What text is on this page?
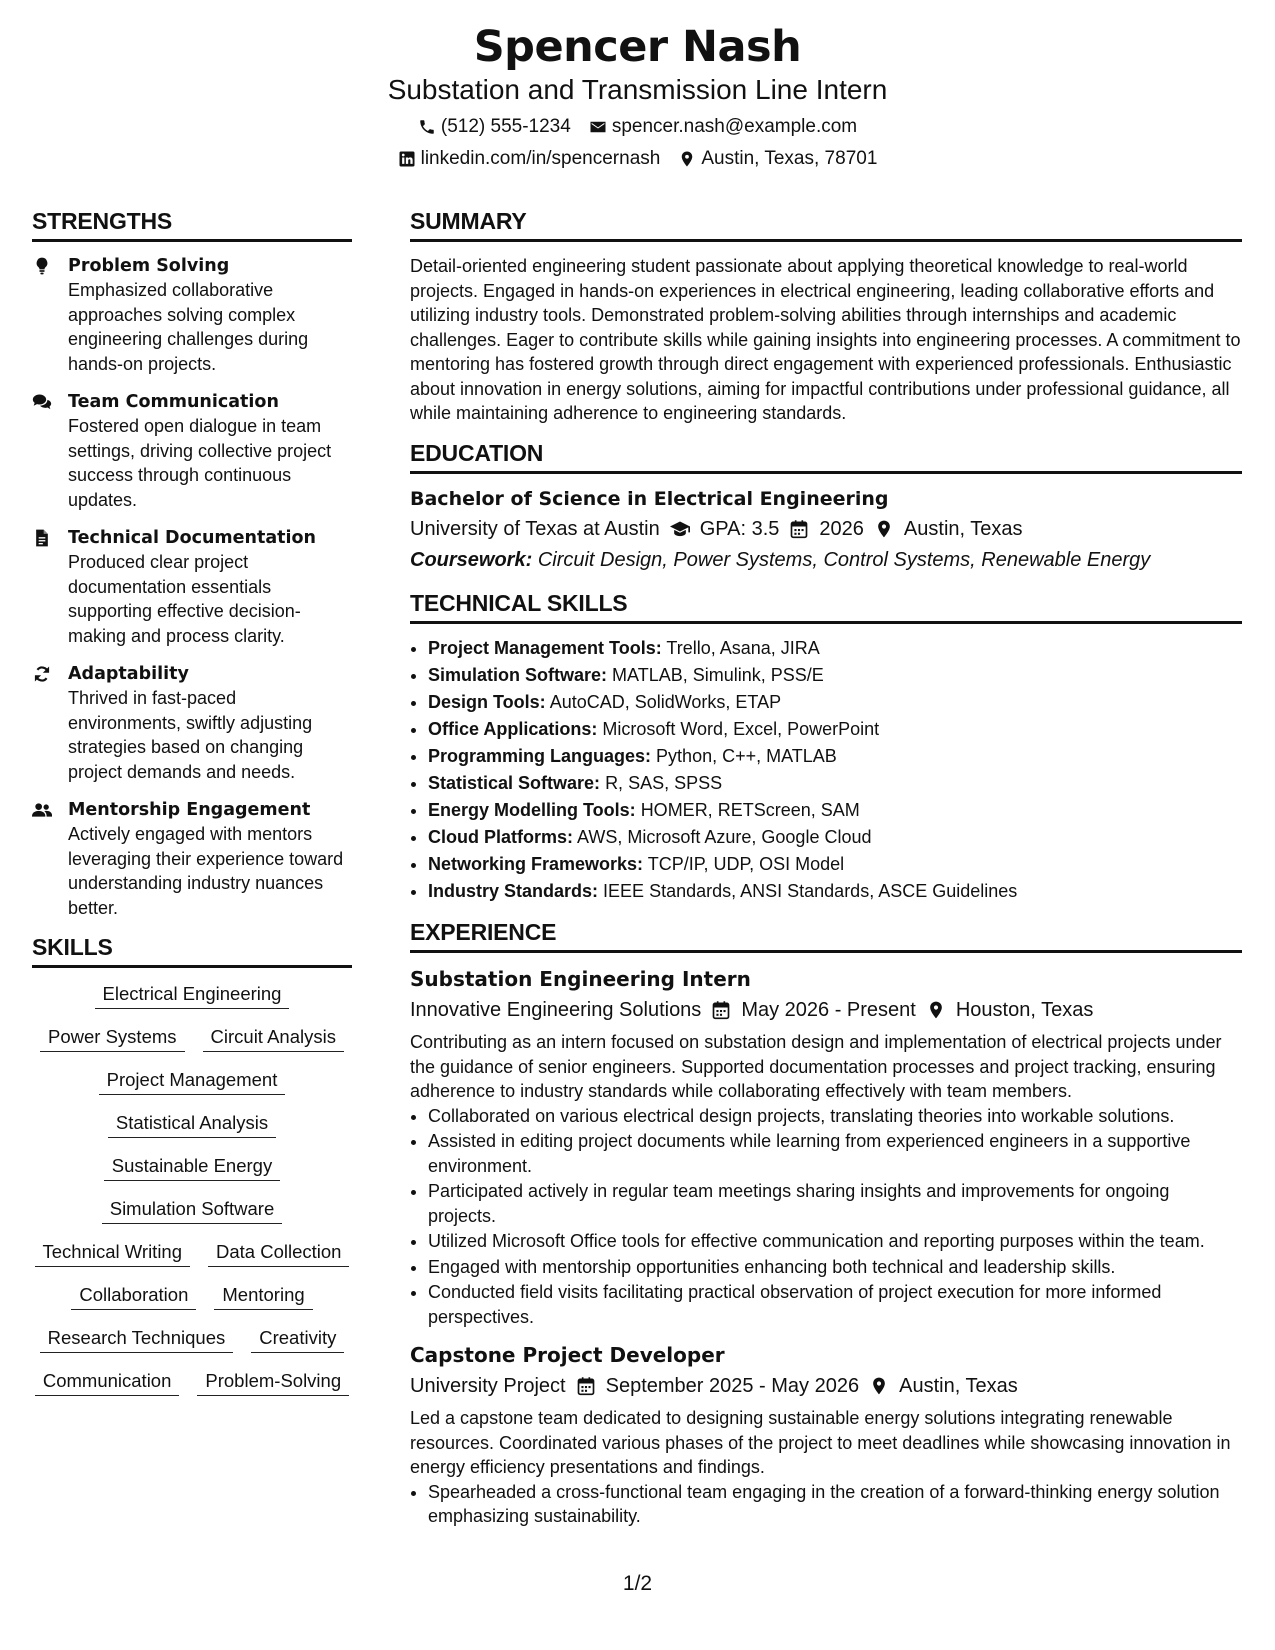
Spencer Nash
Substation and Transmission Line Intern
(512) 555-1234 spencer.nash@example.com
linkedin.com/in/spencernash Austin, Texas, 78701
STRENGTHS
Problem Solving
Emphasized collaborative approaches solving complex engineering challenges during hands-on projects.
Team Communication
Fostered open dialogue in team settings, driving collective project success through continuous updates.
Technical Documentation
Produced clear project documentation essentials supporting effective decision-making and process clarity.
Adaptability
Thrived in fast-paced environments, swiftly adjusting strategies based on changing project demands and needs.
Mentorship Engagement
Actively engaged with mentors leveraging their experience toward understanding industry nuances better.
SKILLS
Electrical Engineering
Power Systems	Circuit Analysis
Project Management
Statistical Analysis
Sustainable Energy
Simulation Software
Technical Writing	Data Collection
Collaboration	Mentoring
Research Techniques	Creativity
Communication	Problem-Solving
SUMMARY
Detail-oriented engineering student passionate about applying theoretical knowledge to real-world projects. Engaged in hands-on experiences in electrical engineering, leading collaborative efforts and utilizing industry tools. Demonstrated problem-solving abilities through internships and academic challenges. Eager to contribute skills while gaining insights into engineering processes. A commitment to mentoring has fostered growth through direct engagement with experienced professionals. Enthusiastic about innovation in energy solutions, aiming for impactful contributions under professional guidance, all while maintaining adherence to engineering standards.
EDUCATION
Bachelor of Science in Electrical Engineering
University of Texas at Austin GPA: 3.5 2026 Austin, Texas
Coursework: Circuit Design, Power Systems, Control Systems, Renewable Energy
TECHNICAL SKILLS
• Project Management Tools: Trello, Asana, JIRA
• Simulation Software: MATLAB, Simulink, PSS/E
• Design Tools: AutoCAD, SolidWorks, ETAP
• Office Applications: Microsoft Word, Excel, PowerPoint
• Programming Languages: Python, C++, MATLAB
• Statistical Software: R, SAS, SPSS
• Energy Modelling Tools: HOMER, RETScreen, SAM
• Cloud Platforms: AWS, Microsoft Azure, Google Cloud
• Networking Frameworks: TCP/IP, UDP, OSI Model
• Industry Standards: IEEE Standards, ANSI Standards, ASCE Guidelines
EXPERIENCE
Substation Engineering Intern
Innovative Engineering Solutions May 2026 - Present Houston, Texas
Contributing as an intern focused on substation design and implementation of electrical projects under the guidance of senior engineers. Supported documentation processes and project tracking, ensuring adherence to industry standards while collaborating effectively with team members.
• Collaborated on various electrical design projects, translating theories into workable solutions.
• Assisted in editing project documents while learning from experienced engineers in a supportive environment.
• Participated actively in regular team meetings sharing insights and improvements for ongoing projects.
• Utilized Microsoft Office tools for effective communication and reporting purposes within the team.
• Engaged with mentorship opportunities enhancing both technical and leadership skills.
• Conducted field visits facilitating practical observation of project execution for more informed perspectives.
Capstone Project Developer
University Project September 2025 - May 2026 Austin, Texas
Led a capstone team dedicated to designing sustainable energy solutions integrating renewable resources. Coordinated various phases of the project to meet deadlines while showcasing innovation in energy efficiency presentations and findings.
• Spearheaded a cross-functional team engaging in the creation of a forward-thinking energy solution emphasizing sustainability.
1/2
